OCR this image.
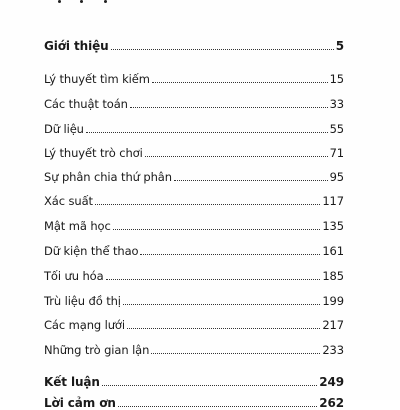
Giới thiệu	5
Lý thuyết tìm kiếm	15
Các thuật toán	33
Dữ liệu	55
Lý thuyết trò chơi	71
Sự phân chia thứ phân	95
Xác suất	117
Mật mã học	135
Dữ kiện thể thao	161
Tối ưu hóa	185
Trù liệu đồ thị	199
Các mạng lưới	217
Những trò gian lận	233
Kết luận	249
Lời cảm ơn	262
